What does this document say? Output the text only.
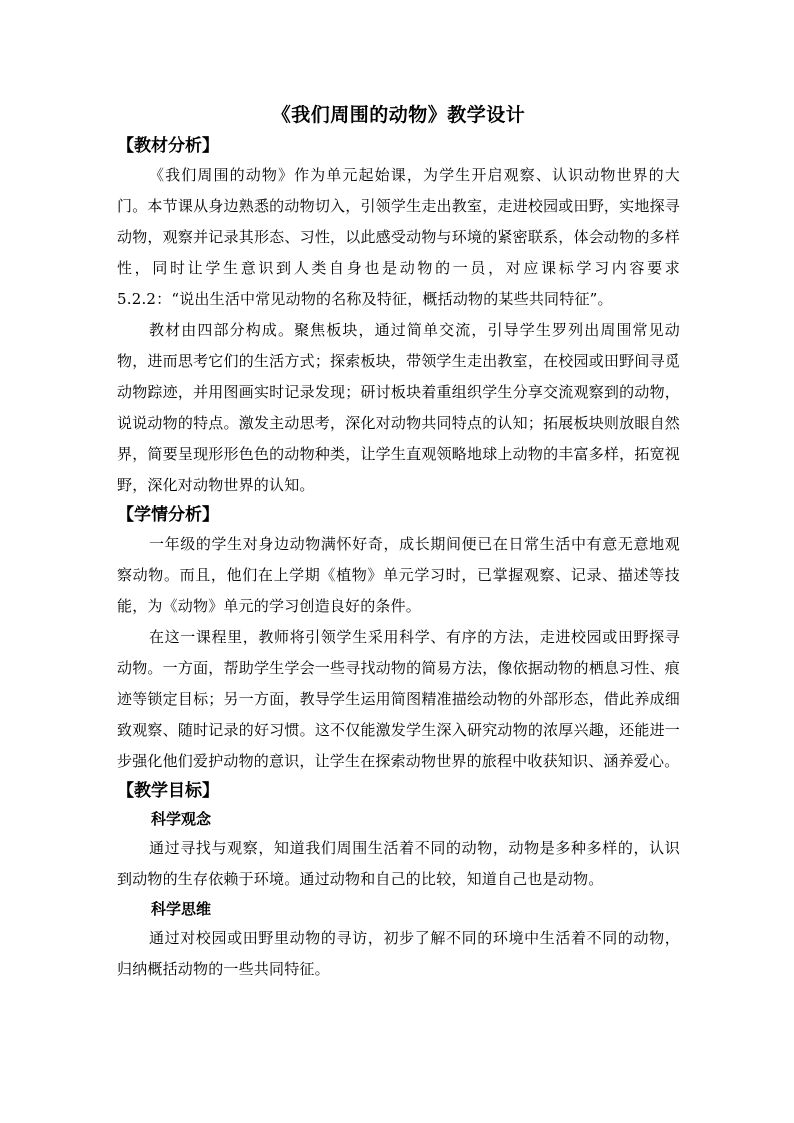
《我们周围的动物》教学设计
【教材分析】

《我们周围的动物》作为单元起始课，为学生开启观察、认识动物世界的大门。本节课从身边熟悉的动物切入，引领学生走出教室，走进校园或田野，实地探寻动物，观察并记录其形态、习性，以此感受动物与环境的紧密联系，体会动物的多样性，同时让学生意识到人类自身也是动物的一员，对应课标学习内容要求 5.2.2：“说出生活中常见动物的名称及特征，概括动物的某些共同特征”。

教材由四部分构成。聚焦板块，通过简单交流，引导学生罗列出周围常见动物，进而思考它们的生活方式；探索板块，带领学生走出教室，在校园或田野间寻觅动物踪迹，并用图画实时记录发现；研讨板块着重组织学生分享交流观察到的动物，说说动物的特点。激发主动思考，深化对动物共同特点的认知；拓展板块则放眼自然界，简要呈现形形色色的动物种类，让学生直观领略地球上动物的丰富多样，拓宽视野，深化对动物世界的认知。

【学情分析】

一年级的学生对身边动物满怀好奇，成长期间便已在日常生活中有意无意地观察动物。而且，他们在上学期《植物》单元学习时，已掌握观察、记录、描述等技能，为《动物》单元的学习创造良好的条件。

在这一课程里，教师将引领学生采用科学、有序的方法，走进校园或田野探寻动物。一方面，帮助学生学会一些寻找动物的简易方法，像依据动物的栖息习性、痕迹等锁定目标；另一方面，教导学生运用简图精准描绘动物的外部形态，借此养成细致观察、随时记录的好习惯。这不仅能激发学生深入研究动物的浓厚兴趣，还能进一步强化他们爱护动物的意识，让学生在探索动物世界的旅程中收获知识、涵养爱心。

【教学目标】
科学观念

通过寻找与观察，知道我们周围生活着不同的动物，动物是多种多样的，认识到动物的生存依赖于环境。通过动物和自己的比较，知道自己也是动物。

科学思维

通过对校园或田野里动物的寻访，初步了解不同的环境中生活着不同的动物，归纳概括动物的一些共同特征。
